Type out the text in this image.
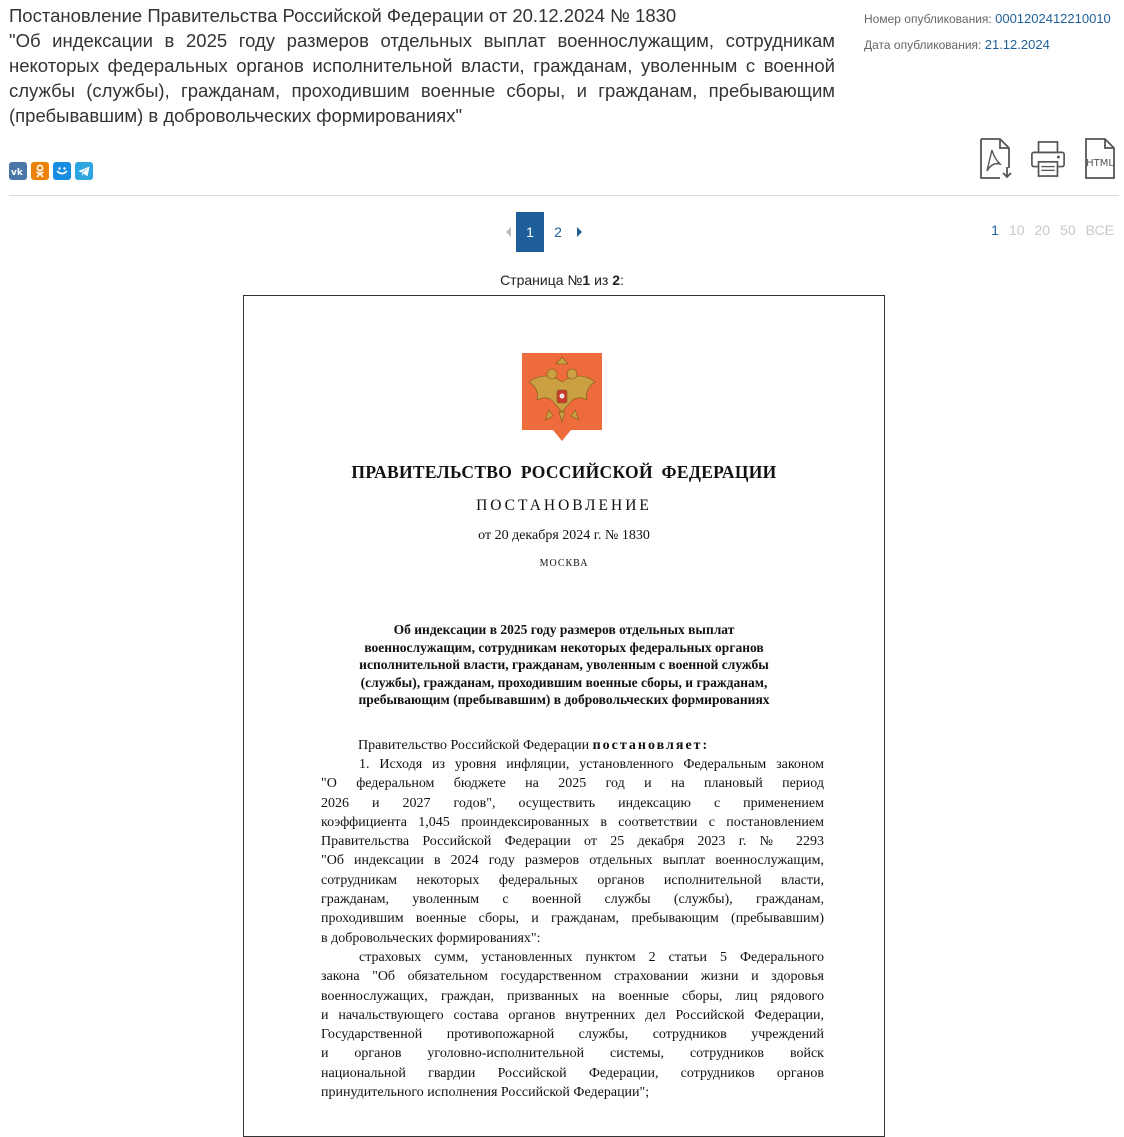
Постановление Правительства Российской Федерации от 20.12.2024 № 1830
"Об индексации в 2025 году размеров отдельных выплат военнослужащим, сотрудникам некоторых федеральных органов исполнительной власти, гражданам, уволенным с военной службы (службы), гражданам, проходившим военные сборы, и гражданам, пребывающим (пребывавшим) в добровольческих формированиях"
Номер опубликования: 0001202412210010
Дата опубликования: 21.12.2024
vk
HTML
1	2	1 10 20 50 ВСЕ
Страница №1 из 2:
ПРАВИТЕЛЬСТВО РОССИЙСКОЙ ФЕДЕРАЦИИ
ПОСТАНОВЛЕНИЕ
от 20 декабря 2024 г. № 1830
МОСКВА
Об индексации в 2025 году размеров отдельных выплат
военнослужащим, сотрудникам некоторых федеральных органов
исполнительной власти, гражданам, уволенным с военной службы
(службы), гражданам, проходившим военные сборы, и гражданам,
пребывающим (пребывавшим) в добровольческих формированиях
Правительство Российской Федерации постановляет:
1. Исходя из уровня инфляции, установленного Федеральным законом
"О федеральном бюджете на 2025 год и на плановый период
2026 и 2027 годов", осуществить индексацию с применением
коэффициента 1,045 проиндексированных в соответствии с постановлением
Правительства Российской Федерации от 25 декабря 2023 г. № 2293
"Об индексации в 2024 году размеров отдельных выплат военнослужащим,
сотрудникам некоторых федеральных органов исполнительной власти,
гражданам, уволенным с военной службы (службы), гражданам,
проходившим военные сборы, и гражданам, пребывающим (пребывавшим)
в добровольческих формированиях":
страховых сумм, установленных пунктом 2 статьи 5 Федерального
закона "Об обязательном государственном страховании жизни и здоровья
военнослужащих, граждан, призванных на военные сборы, лиц рядового
и начальствующего состава органов внутренних дел Российской Федерации,
Государственной противопожарной службы, сотрудников учреждений
и органов уголовно-исполнительной системы, сотрудников войск
национальной гвардии Российской Федерации, сотрудников органов
принудительного исполнения Российской Федерации";
